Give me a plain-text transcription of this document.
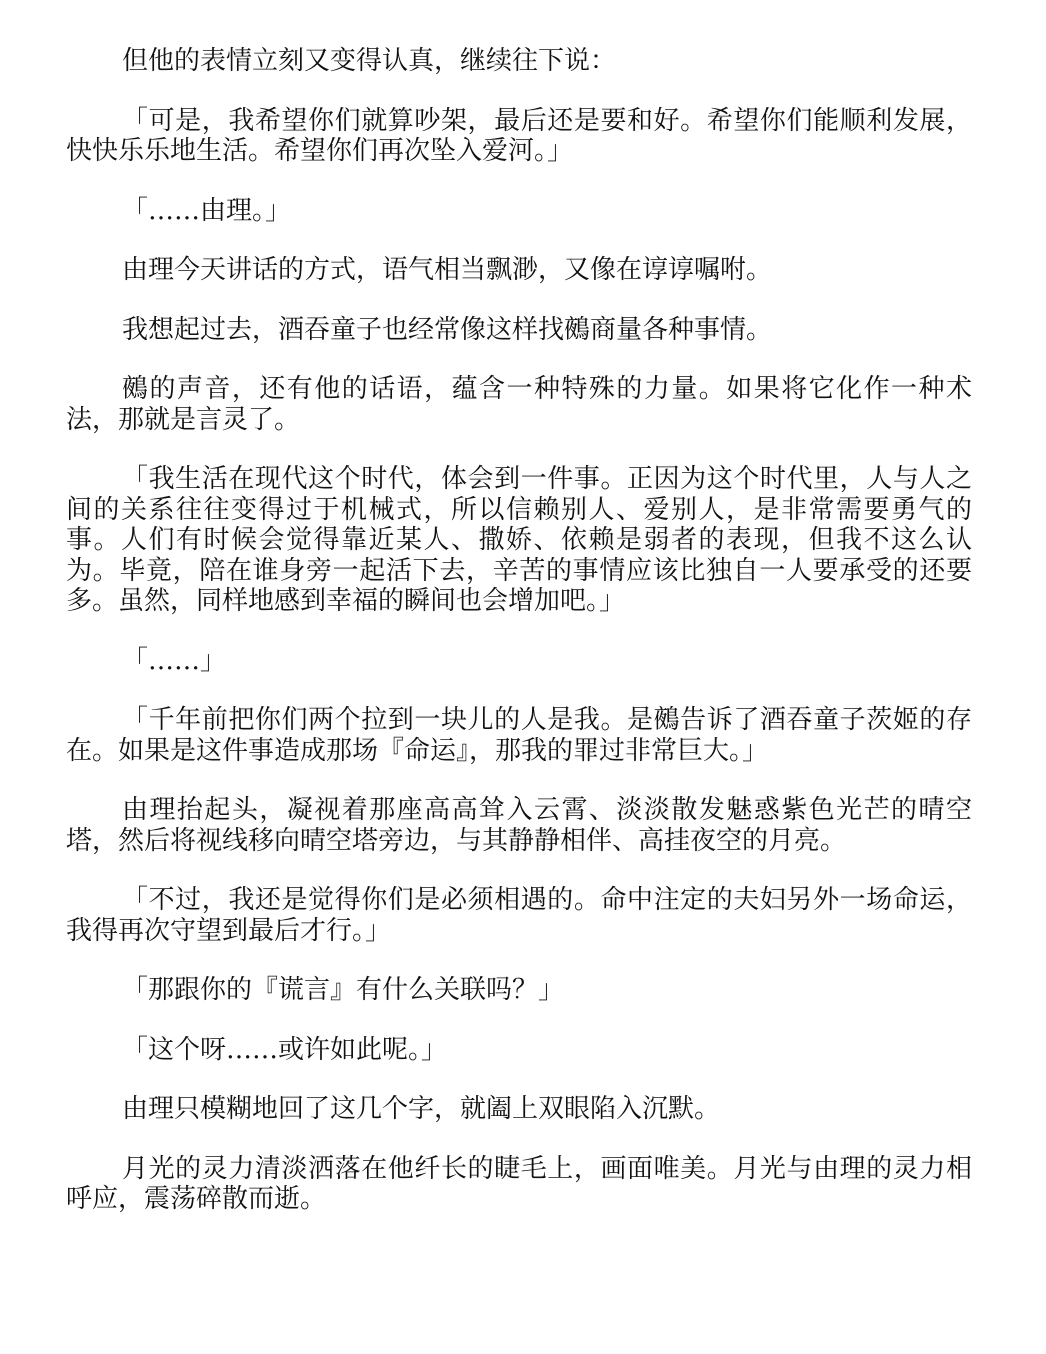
但他的表情立刻又变得认真，继续往下说：

「可是，我希望你们就算吵架，最后还是要和好。希望你们能顺利发展，快快乐乐地生活。希望你们再次坠入爱河。」

「……由理。」

由理今天讲话的方式，语气相当飘渺，又像在谆谆嘱咐。

我想起过去，酒吞童子也经常像这样找鵺商量各种事情。

鵺的声音，还有他的话语，蕴含一种特殊的力量。如果将它化作一种术法，那就是言灵了。

「我生活在现代这个时代，体会到一件事。正因为这个时代里，人与人之间的关系往往变得过于机械式，所以信赖别人、爱别人，是非常需要勇气的事。人们有时候会觉得靠近某人、撒娇、依赖是弱者的表现，但我不这么认为。毕竟，陪在谁身旁一起活下去，辛苦的事情应该比独自一人要承受的还要多。虽然，同样地感到幸福的瞬间也会增加吧。」

「……」

「千年前把你们两个拉到一块儿的人是我。是鵺告诉了酒吞童子茨姬的存在。如果是这件事造成那场『命运』，那我的罪过非常巨大。」

由理抬起头，凝视着那座高高耸入云霄、淡淡散发魅惑紫色光芒的晴空塔，然后将视线移向晴空塔旁边，与其静静相伴、高挂夜空的月亮。

「不过，我还是觉得你们是必须相遇的。命中注定的夫妇另外一场命运，我得再次守望到最后才行。」

「那跟你的『谎言』有什么关联吗？」

「这个呀……或许如此呢。」

由理只模糊地回了这几个字，就阖上双眼陷入沉默。

月光的灵力清淡洒落在他纤长的睫毛上，画面唯美。月光与由理的灵力相呼应，震荡碎散而逝。
